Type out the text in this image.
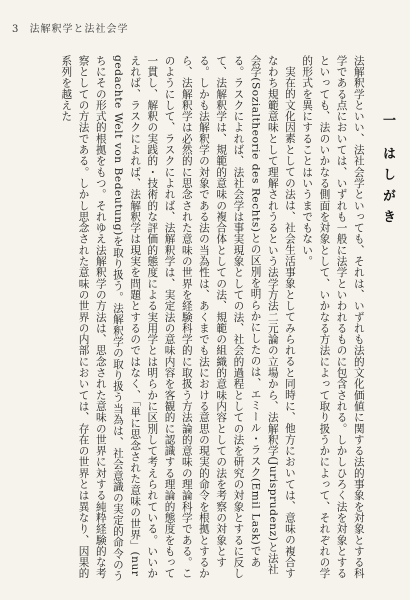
3 法解釈学と法社会学
一 はしがき

法解釈学といい、法社会学といっても、それは、いずれも法的文化価値に関する法的事象を対象とする科学である点においては、いずれも一般に法学といわれるものに包含される。しかしひろく法を対象とするといっても、法のいかなる側面を対象として、いかなる方法によって取り扱うかによって、それぞれの学的形式を異にすることはいうまでもない。

実在的文化因素としての法は、社会生活事象としてみられると同時に、他方においては、意味の複合すなわち規範意味として理解されうるという法学方法二元論の立場から、法解釈学(Jurisprudenz)と法社会学(Sozialtheorie des Rechts)との区別を明らかにしたのは、エミール・ラスク(Emil Lask)である。ラスクによれば、法社会学は事実現象としての法、社会的過程としての法を研究の対象とするに反して、法解釈学は、規範的意味の複合体としての法、規範の組織的意味内容としての法を考察の対象とする。しかも法解釈学の対象である法の当為性は、あくまでも法における意思の現実的命令を根拠とするから、法解釈学は必然的に思念された意味の世界を経験科学的に取扱う方法論的意味の理論科学である。このようにして、ラスクによれば、法解釈学は、実定法の意味内容を客観的に認識する理論的態度をもって一貫し、解釈の実践的・技術的な評価的態度による実用学とは明らかに区別して考えられている。いいかえれば、ラスクによれば、法解釈学は現実を問題とするのではなく、「単に思念された意味の世界」(nur gedachte Welt von Bedeutung)を取り扱う。法解釈学の取り扱う当為は、社会意識の実定的命令のうちにその形式的根拠をもつ。それゆえ法解釈学の方法は、思念された意味の世界に対する純粋経験的な考察としての方法である。しかし思念された意味の世界の内部においては、存在の世界とは異なり、因果的系列を越えた
